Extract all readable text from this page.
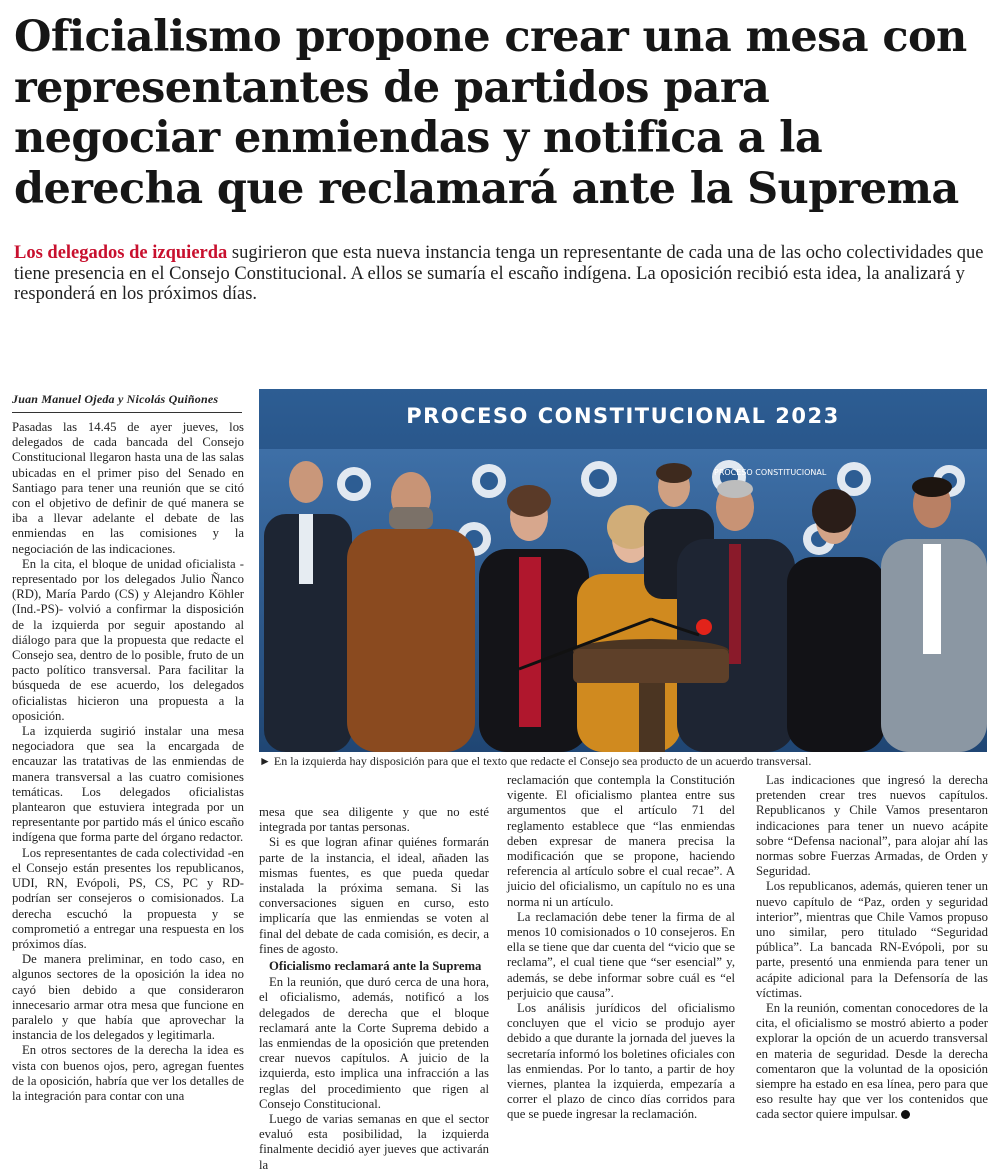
Oficialismo propone crear una mesa con representantes de partidos para negociar enmiendas y notifica a la derecha que reclamará ante la Suprema

Los delegados de izquierda sugirieron que esta nueva instancia tenga un representante de cada una de las ocho colectividades que tiene presencia en el Consejo Constitucional. A ellos se sumaría el escaño indígena. La oposición recibió esta idea, la analizará y responderá en los próximos días.

Juan Manuel Ojeda y Nicolás Quiñones
PROCESO CONSTITUCIONAL 2023
PROCESO CONSTITUCIONAL

► En la izquierda hay disposición para que el texto que redacte el Consejo sea producto de un acuerdo transversal.

Pasadas las 14.45 de ayer jueves, los delegados de cada bancada del Consejo Constitucional llegaron hasta una de las salas ubicadas en el primer piso del Senado en Santiago para tener una reunión que se citó con el objetivo de definir de qué manera se iba a llevar adelante el debate de las enmiendas en las comisiones y la negociación de las indicaciones.

En la cita, el bloque de unidad oficialista -representado por los delegados Julio Ñanco (RD), María Pardo (CS) y Alejandro Köhler (Ind.-PS)- volvió a confirmar la disposición de la izquierda por seguir apostando al diálogo para que la propuesta que redacte el Consejo sea, dentro de lo posible, fruto de un pacto político transversal. Para facilitar la búsqueda de ese acuerdo, los delegados oficialistas hicieron una propuesta a la oposición.

La izquierda sugirió instalar una mesa negociadora que sea la encargada de encauzar las tratativas de las enmiendas de manera transversal a las cuatro comisiones temáticas. Los delegados oficialistas plantearon que estuviera integrada por un representante por partido más el único escaño indígena que forma parte del órgano redactor.

Los representantes de cada colectividad -en el Consejo están presentes los republicanos, UDI, RN, Evópoli, PS, CS, PC y RD- podrían ser consejeros o comisionados. La derecha escuchó la propuesta y se comprometió a entregar una respuesta en los próximos días.

De manera preliminar, en todo caso, en algunos sectores de la oposición la idea no cayó bien debido a que consideraron innecesario armar otra mesa que funcione en paralelo y que había que aprovechar la instancia de los delegados y legitimarla.

En otros sectores de la derecha la idea es vista con buenos ojos, pero, agregan fuentes de la oposición, habría que ver los detalles de la integración para contar con una

mesa que sea diligente y que no esté integrada por tantas personas.

Si es que logran afinar quiénes formarán parte de la instancia, el ideal, añaden las mismas fuentes, es que pueda quedar instalada la próxima semana. Si las conversaciones siguen en curso, esto implicaría que las enmiendas se voten al final del debate de cada comisión, es decir, a fines de agosto.

Oficialismo reclamará ante la Suprema

En la reunión, que duró cerca de una hora, el oficialismo, además, notificó a los delegados de derecha que el bloque reclamará ante la Corte Suprema debido a las enmiendas de la oposición que pretenden crear nuevos capítulos. A juicio de la izquierda, esto implica una infracción a las reglas del procedimiento que rigen al Consejo Constitucional.

Luego de varias semanas en que el sector evaluó esta posibilidad, la izquierda finalmente decidió ayer jueves que activarán la

reclamación que contempla la Constitución vigente. El oficialismo plantea entre sus argumentos que el artículo 71 del reglamento establece que “las enmiendas deben expresar de manera precisa la modificación que se propone, haciendo referencia al artículo sobre el cual recae”. A juicio del oficialismo, un capítulo no es una norma ni un artículo.

La reclamación debe tener la firma de al menos 10 comisionados o 10 consejeros. En ella se tiene que dar cuenta del “vicio que se reclama”, el cual tiene que “ser esencial” y, además, se debe informar sobre cuál es “el perjuicio que causa”.

Los análisis jurídicos del oficialismo concluyen que el vicio se produjo ayer debido a que durante la jornada del jueves la secretaría informó los boletines oficiales con las enmiendas. Por lo tanto, a partir de hoy viernes, plantea la izquierda, empezaría a correr el plazo de cinco días corridos para que se puede ingresar la reclamación.

Las indicaciones que ingresó la derecha pretenden crear tres nuevos capítulos. Republicanos y Chile Vamos presentaron indicaciones para tener un nuevo acápite sobre “Defensa nacional”, para alojar ahí las normas sobre Fuerzas Armadas, de Orden y Seguridad.

Los republicanos, además, quieren tener un nuevo capítulo de “Paz, orden y seguridad interior”, mientras que Chile Vamos propuso uno similar, pero titulado “Seguridad pública”. La bancada RN-Evópoli, por su parte, presentó una enmienda para tener un acápite adicional para la Defensoría de las víctimas.

En la reunión, comentan conocedores de la cita, el oficialismo se mostró abierto a poder explorar la opción de un acuerdo transversal en materia de seguridad. Desde la derecha comentaron que la voluntad de la oposición siempre ha estado en esa línea, pero para que eso resulte hay que ver los contenidos que cada sector quiere impulsar.
